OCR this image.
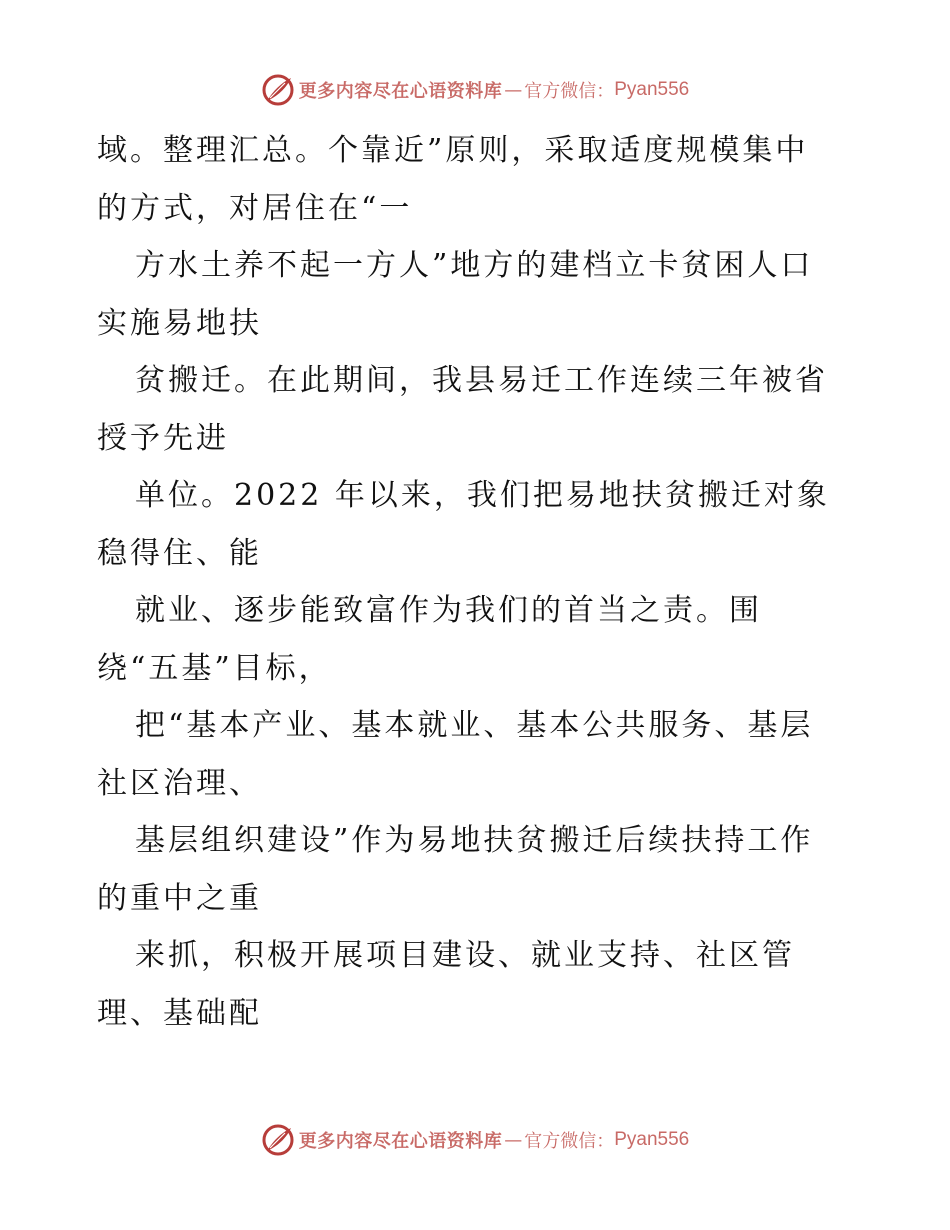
更多内容尽在心语资料库 — 官方微信： Pyan556
域。整理汇总。个靠近”原则，采取适度规模集中
的方式，对居住在“一
方水土养不起一方人”地方的建档立卡贫困人口
实施易地扶
贫搬迁。在此期间，我县易迁工作连续三年被省
授予先进
单位。2022 年以来，我们把易地扶贫搬迁对象
稳得住、能
就业、逐步能致富作为我们的首当之责。围
绕“五基”目标，
把“基本产业、基本就业、基本公共服务、基层
社区治理、
基层组织建设”作为易地扶贫搬迁后续扶持工作
的重中之重
来抓，积极开展项目建设、就业支持、社区管
理、基础配
更多内容尽在心语资料库 — 官方微信： Pyan556
